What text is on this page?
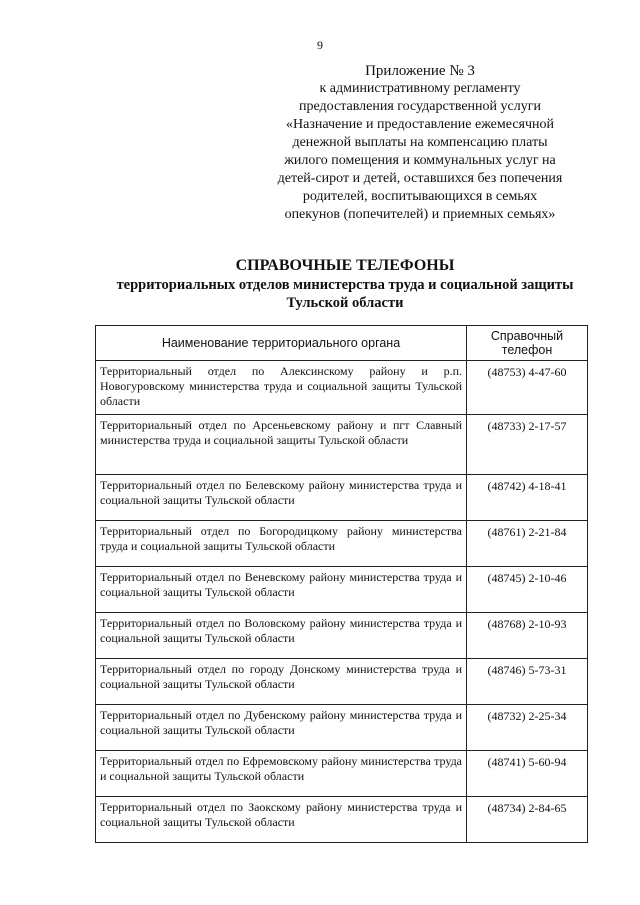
9
Приложение № 3
к административному регламенту
предоставления государственной услуги
«Назначение и предоставление ежемесячной
денежной выплаты на компенсацию платы
жилого помещения и коммунальных услуг на
детей-сирот и детей, оставшихся без попечения
родителей, воспитывающихся в семьях
опекунов (попечителей) и приемных семьях»
СПРАВОЧНЫЕ ТЕЛЕФОНЫ
территориальных отделов министерства труда и социальной защиты
Тульской области
Наименование территориального органа	Справочный
телефон

Территориальный отдел по Алексинскому району и р.п. Новогуровскому министерства труда и социальной защиты Тульской области	(48753) 4-47-60
Территориальный отдел по Арсеньевскому району и пгт Славный министерства труда и социальной защиты Тульской области	(48733) 2-17-57
Территориальный отдел по Белевскому району министерства труда и социальной защиты Тульской области	(48742) 4-18-41
Территориальный отдел по Богородицкому району министерства труда и социальной защиты Тульской области	(48761) 2-21-84
Территориальный отдел по Веневскому району министерства труда и социальной защиты Тульской области	(48745) 2-10-46
Территориальный отдел по Воловскому району министерства труда и социальной защиты Тульской области	(48768) 2-10-93
Территориальный отдел по городу Донскому министерства труда и социальной защиты Тульской области	(48746) 5-73-31
Территориальный отдел по Дубенскому району министерства труда и социальной защиты Тульской области	(48732) 2-25-34
Территориальный отдел по Ефремовскому району министерства труда и социальной защиты Тульской области	(48741) 5-60-94
Территориальный отдел по Заокскому району министерства труда и социальной защиты Тульской области	(48734) 2-84-65
